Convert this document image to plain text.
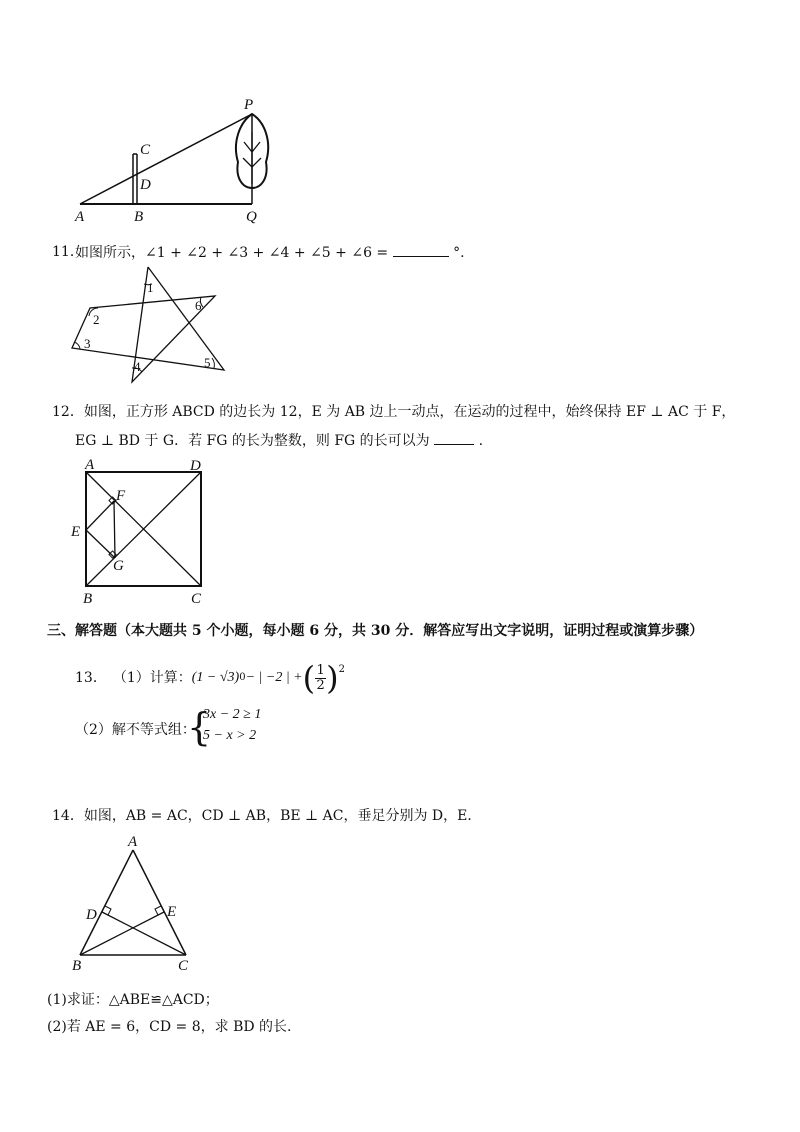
P
C
D
A	B	Q
如图所示，∠1 + ∠2 + ∠3 + ∠4 + ∠5 + ∠6 =	°.
11．
1
2
3
4	5
6
12．如图，正方形 ABCD 的边长为 12，E 为 AB 边上一动点，在运动的过程中，始终保持 EF ⊥ AC 于 F，
EG ⊥ BD 于 G．若 FG 的长为整数，则 FG 的长可以为	.
A	D
F
E
G
B	C
三、解答题（本大题共 5 个小题，每小题 6 分，共 30 分．解答应写出文字说明，证明过程或演算步骤）
13． （1）计算： (1 − √3) 0 − | −2 | + ( $\frac{1}{2} )^2$
（2）解不等式组：
{
3x − 2 ≥ 1
5 − x > 2
14．如图，AB = AC，CD ⊥ AB，BE ⊥ AC，垂足分别为 D，E．
A
D	E
B	C
(1)求证：△ABE≌△ACD；
(2)若 AE = 6，CD = 8，求 BD 的长.
